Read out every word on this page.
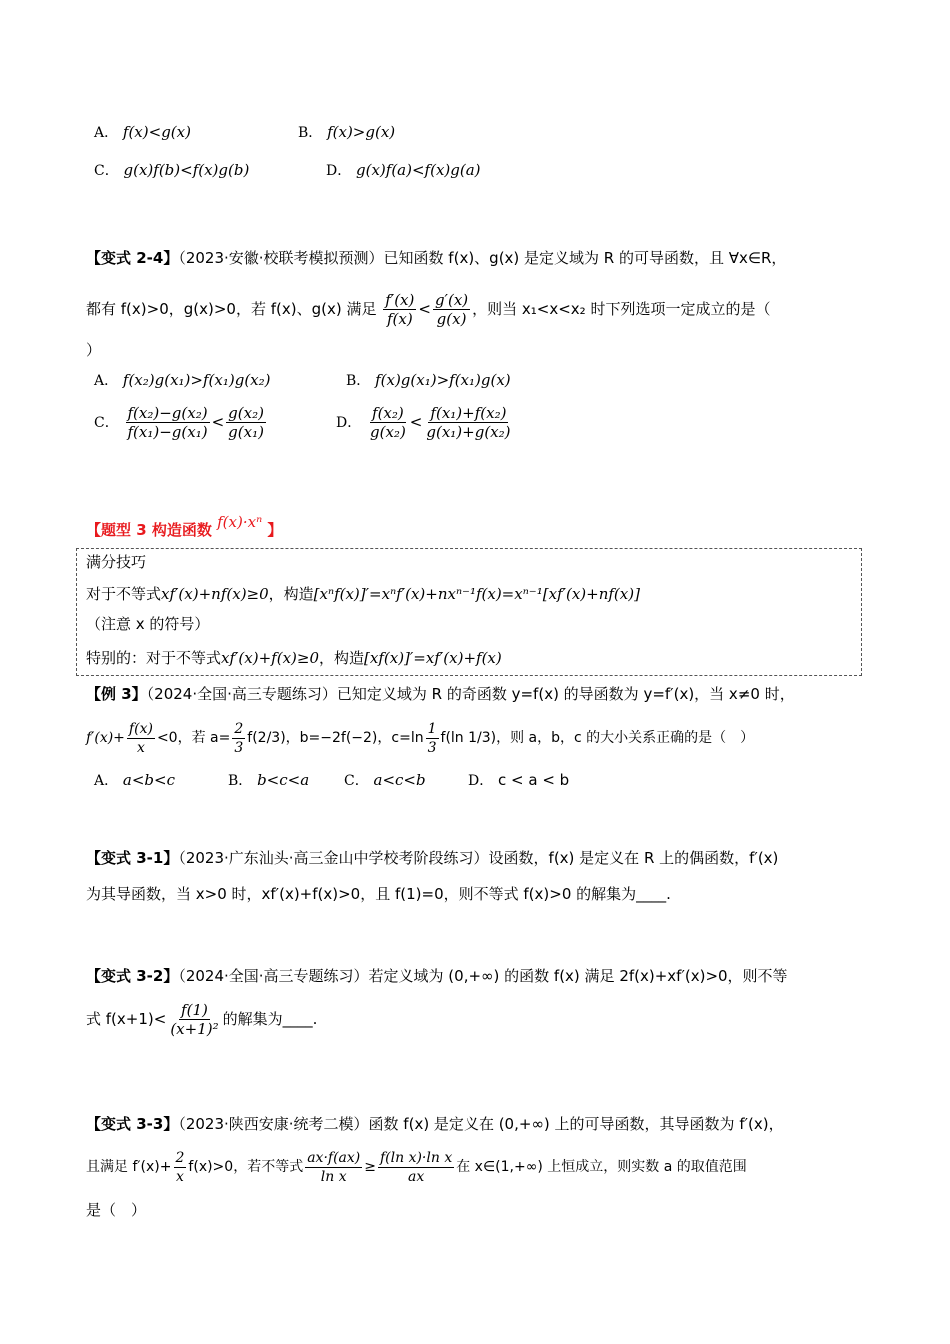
A． f(x)<g(x)	B． f(x)>g(x)
C． g(x)f(b)<f(x)g(b)	D． g(x)f(a)<f(x)g(a)
【变式 2-4】（2023·安徽·校联考模拟预测）已知函数 f(x)、g(x) 是定义域为 R 的可导函数，且 ∀x∈R，
都有 f(x)>0，g(x)>0，若 f(x)、g(x) 满足 $\frac{f'(x)}{f(x)} < \frac{g'(x)}{g(x)}$ ，则当 x₁<x<x₂ 时下列选项一定成立的是（
）
A． f(x₂)g(x₁)>f(x₁)g(x₂)	B． f(x)g(x₁)>f(x₁)g(x)
C． $\frac{\text{f(x₂)−g(x₂)}}{\text{f(x₁)−g(x₁)}} < \frac{\text{g(x₂)}}{\text{g(x₁)}}$	D． $\frac{\text{f(x₂)}}{\text{g(x₂)}} < \frac{\text{f(x₁)+f(x₂)}}{\text{g(x₁)+g(x₂)}}$
【题型 3 构造函数 f(x)·xⁿ 】
满分技巧
对于不等式xf′(x)+nf(x)≥0，构造[xⁿf(x)]′=xⁿf′(x)+nxⁿ⁻¹f(x)=xⁿ⁻¹[xf′(x)+nf(x)]
（注意 x 的符号）
特别的：对于不等式xf′(x)+f(x)≥0，构造[xf(x)]′=xf′(x)+f(x)
【例 3】（2024·全国·高三专题练习）已知定义域为 R 的奇函数 y=f(x) 的导函数为 y=f′(x)，当 x≠0 时，
$f'(x)+ \frac{f(x)}{x} <0$，若 $a= \frac{2}{3} f(2/3)$，b=−2f(−2)，$c=\ln \frac{1}{3} f(\ln$ 1/3)，则 a，b，c 的大小关系正确的是（　）
A． a<b<c	B． b<c<a C． a<c<b	D． c < a < b
【变式 3-1】（2023·广东汕头·高三金山中学校考阶段练习）设函数，f(x) 是定义在 R 上的偶函数，f′(x)
为其导函数，当 x>0 时，xf′(x)+f(x)>0，且 f(1)=0，则不等式 f(x)>0 的解集为____.
【变式 3-2】（2024·全国·高三专题练习）若定义域为 (0,+∞) 的函数 f(x) 满足 2f(x)+xf′(x)>0，则不等
式 $f(x+1)< \frac{f(1)}{\text{(x+1)²}}$ 的解集为____.
【变式 3-3】（2023·陕西安康·统考二模）函数 f(x) 是定义在 (0,+∞) 上的可导函数，其导函数为 f′(x)，
且满足 $f'(x)+ \frac{2}{x} f(x)>0$，若不等式 $\frac{ax\cdot f(ax)}{\text{ln x}} \ge \frac{\text{f(ln x)·ln x}}{ax}$ 在 x∈(1,+∞) 上恒成立，则实数 a 的取值范围
是（　）
